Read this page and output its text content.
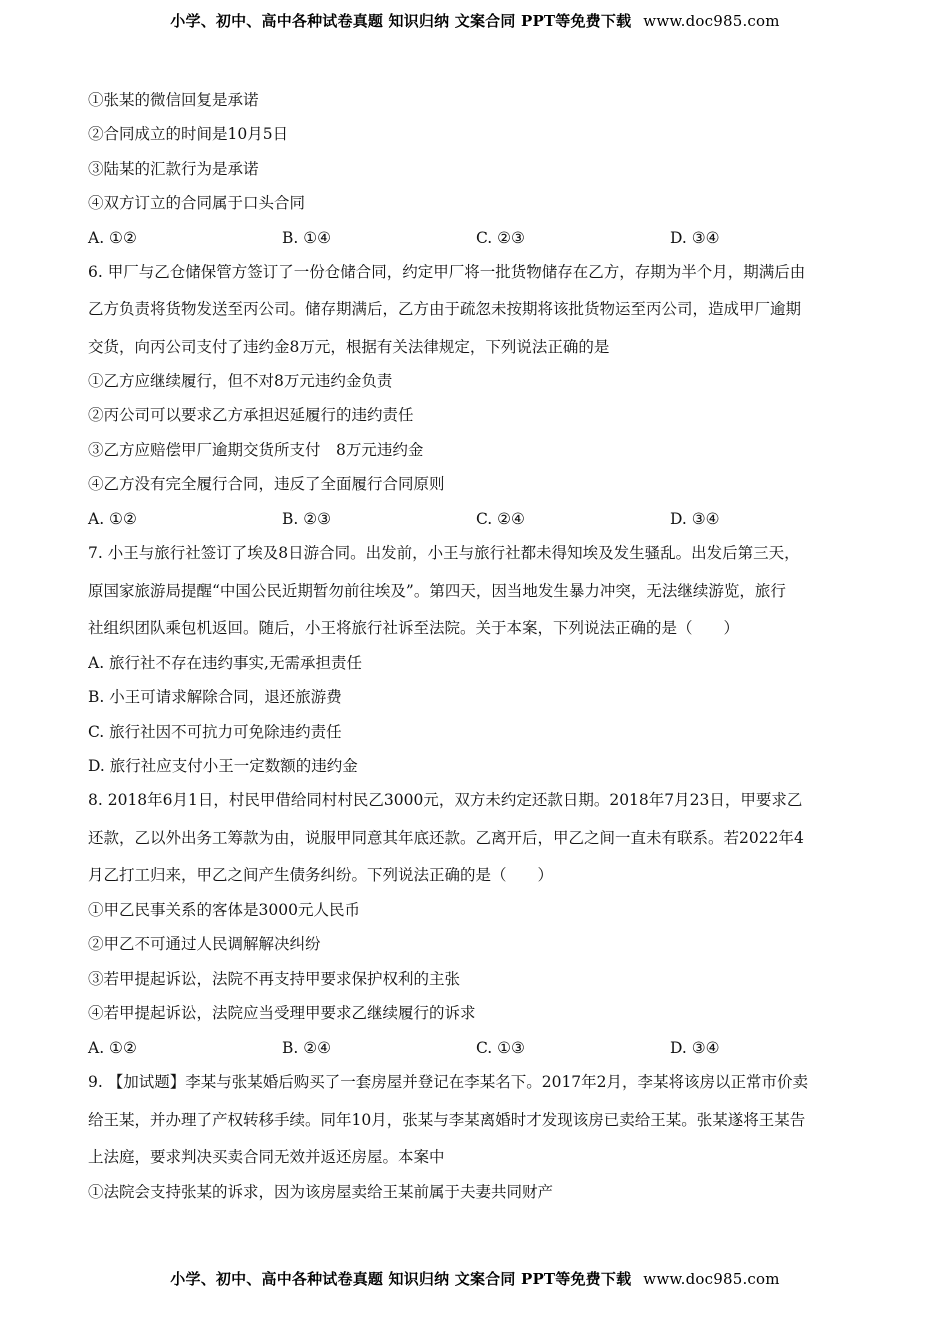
小学、初中、高中各种试卷真题 知识归纳 文案合同 PPT等免费下载 www.doc985.com
①张某的微信回复是承诺
②合同成立的时间是10月5日
③陆某的汇款行为是承诺
④双方订立的合同属于口头合同
A. ①②	B. ①④	C. ②③	D. ③④
6. 甲厂与乙仓储保管方签订了一份仓储合同，约定甲厂将一批货物储存在乙方，存期为半个月，期满后由
乙方负责将货物发送至丙公司。储存期满后，乙方由于疏忽未按期将该批货物运至丙公司，造成甲厂逾期
交货，向丙公司支付了违约金8万元，根据有关法律规定，下列说法正确的是
①乙方应继续履行，但不对8万元违约金负责
②丙公司可以要求乙方承担迟延履行的违约责任
③乙方应赔偿甲厂逾期交货所支付　8万元违约金
④乙方没有完全履行合同，违反了全面履行合同原则
A. ①②	B. ②③	C. ②④	D. ③④
7. 小王与旅行社签订了埃及8日游合同。出发前，小王与旅行社都未得知埃及发生骚乱。出发后第三天，
原国家旅游局提醒“中国公民近期暂勿前往埃及”。第四天，因当地发生暴力冲突，无法继续游览，旅行
社组织团队乘包机返回。随后，小王将旅行社诉至法院。关于本案，下列说法正确的是（　　）
A. 旅行社不存在违约事实,无需承担责任
B. 小王可请求解除合同，退还旅游费
C. 旅行社因不可抗力可免除违约责任
D. 旅行社应支付小王一定数额的违约金
8. 2018年6月1日，村民甲借给同村村民乙3000元，双方未约定还款日期。2018年7月23日，甲要求乙
还款，乙以外出务工筹款为由，说服甲同意其年底还款。乙离开后，甲乙之间一直未有联系。若2022年4
月乙打工归来，甲乙之间产生债务纠纷。下列说法正确的是（　　）
①甲乙民事关系的客体是3000元人民币
②甲乙不可通过人民调解解决纠纷
③若甲提起诉讼，法院不再支持甲要求保护权利的主张
④若甲提起诉讼，法院应当受理甲要求乙继续履行的诉求
A. ①②	B. ②④	C. ①③	D. ③④
9. 【加试题】李某与张某婚后购买了一套房屋并登记在李某名下。2017年2月，李某将该房以正常市价卖
给王某，并办理了产权转移手续。同年10月，张某与李某离婚时才发现该房已卖给王某。张某遂将王某告
上法庭，要求判决买卖合同无效并返还房屋。本案中
①法院会支持张某的诉求，因为该房屋卖给王某前属于夫妻共同财产
小学、初中、高中各种试卷真题 知识归纳 文案合同 PPT等免费下载 www.doc985.com
